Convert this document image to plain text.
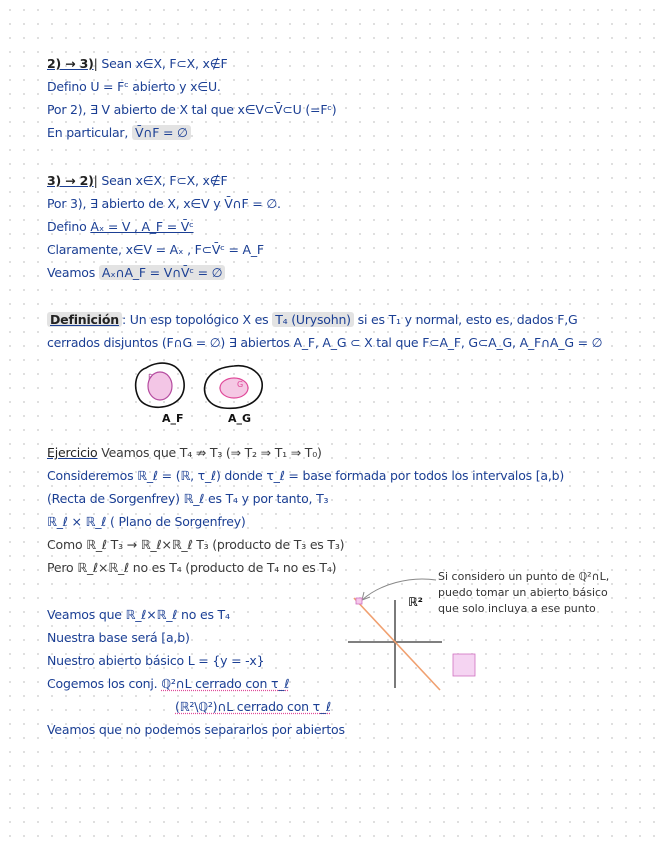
2) → 3)| Sean x∈X, F⊂X, x∉F
Defino U = Fᶜ abierto y x∈U.
Por 2), ∃ V abierto de X tal que x∈V⊂V̄⊂U (=Fᶜ)
En particular, V̄∩F = ∅
3) → 2)| Sean x∈X, F⊂X, x∉F
Por 3), ∃ abierto de X, x∈V y V̄∩F = ∅.
Defino Aₓ = V , A_F = V̄ᶜ
Claramente, x∈V = Aₓ , F⊂V̄ᶜ = A_F
Veamos Aₓ∩A_F = V∩V̄ᶜ = ∅
Definición : Un esp topológico X es T₄ (Urysohn) si es T₁ y normal, esto es, dados F,G
cerrados disjuntos (F∩G = ∅) ∃ abiertos A_F, A_G ⊂ X tal que F⊂A_F, G⊂A_G, A_F∩A_G = ∅
F
G
A_F	A_G
Ejercicio Veamos que T₄ ⇏ T₃ (⇒ T₂ ⇒ T₁ ⇒ T₀)
Consideremos ℝ_ℓ = (ℝ, τ_ℓ) donde τ_ℓ = base formada por todos los intervalos [a,b)
(Recta de Sorgenfrey) ℝ_ℓ es T₄ y por tanto, T₃
ℝ_ℓ × ℝ_ℓ ( Plano de Sorgenfrey)
Como ℝ_ℓ T₃ → ℝ_ℓ×ℝ_ℓ T₃ (producto de T₃ es T₃)
Pero ℝ_ℓ×ℝ_ℓ no es T₄ (producto de T₄ no es T₄)
Veamos que ℝ_ℓ×ℝ_ℓ no es T₄
Nuestra base será [a,b)
Nuestro abierto básico L = {y = -x}
Cogemos los conj. ℚ²∩L cerrado con τ_ℓ
(ℝ²\ℚ²)∩L cerrado con τ_ℓ
Veamos que no podemos separarlos por abiertos
Si considero un punto de ℚ²∩L,
puedo tomar un abierto básico
que solo incluya a ese punto
ℝ²
